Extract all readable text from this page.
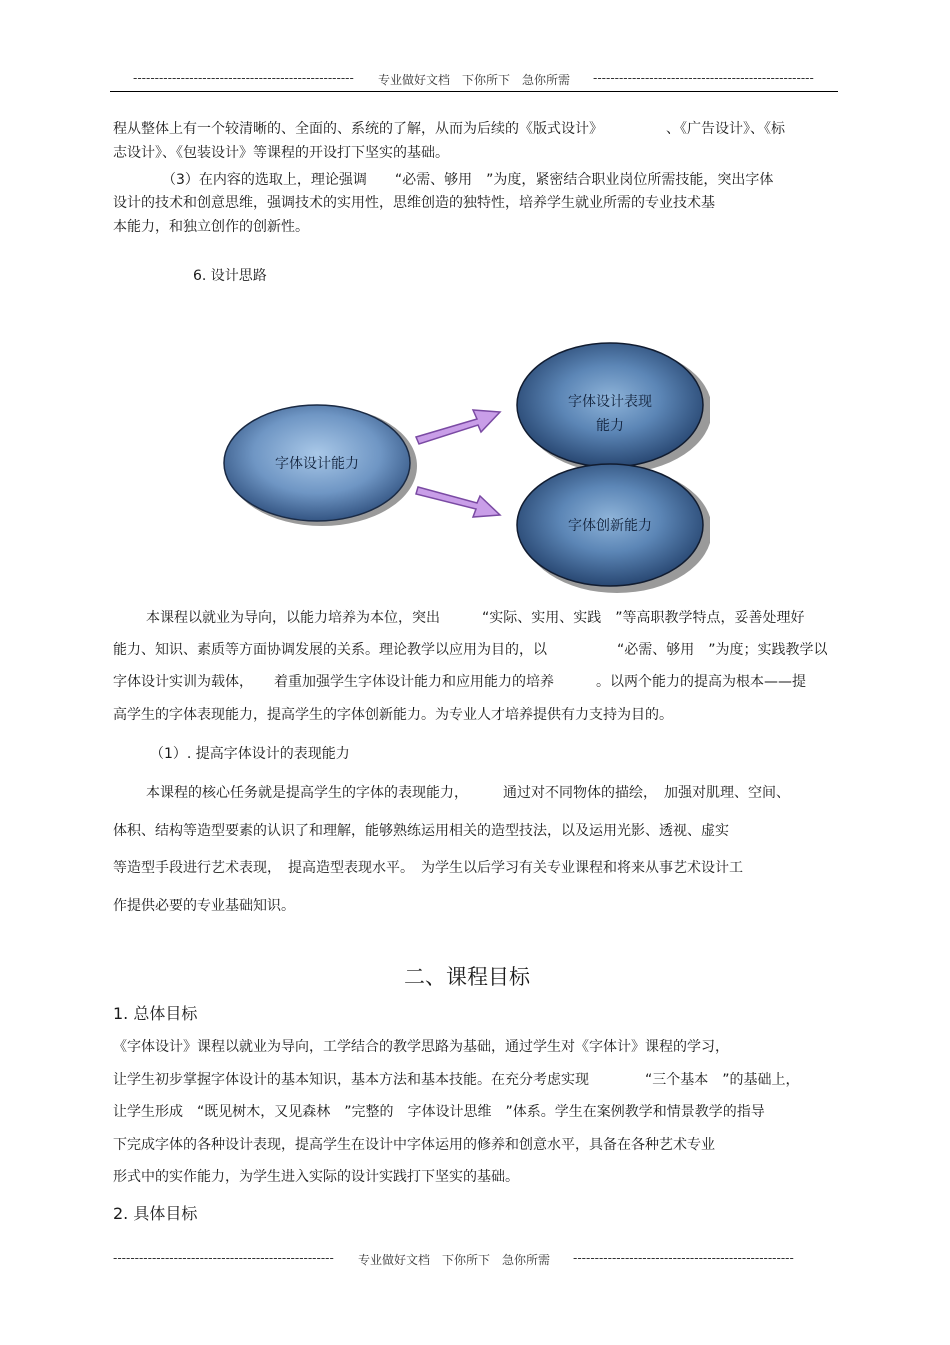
--------------------------------------------------- 专业做好文档　下你所下　急你所需 ---------------------------------------------------
程从整体上有一个较清晰的、全面的、系统的了解，从而为后续的《版式设计》　　　　　、《广告设计》、《标
志设计》、《包装设计》等课程的开设打下坚实的基础。
（3）在内容的选取上，理论强调　　“必需、够用　”为度，紧密结合职业岗位所需技能，突出字体
设计的技术和创意思维，强调技术的实用性，思维创造的独特性，培养学生就业所需的专业技术基
本能力，和独立创作的创新性。
6. 设计思路
字体设计能力
字体设计表现
能力
字体创新能力
本课程以就业为导向，以能力培养为本位，突出　　　“实际、实用、实践　”等高职教学特点，妥善处理好
能力、知识、素质等方面协调发展的关系。理论教学以应用为目的，以　　　　　“必需、够用　”为度；实践教学以
字体设计实训为载体，　　着重加强学生字体设计能力和应用能力的培养　　　。以两个能力的提高为根本——提
高学生的字体表现能力，提高学生的字体创新能力。为专业人才培养提供有力支持为目的。
（1）. 提高字体设计的表现能力
本课程的核心任务就是提高学生的字体的表现能力，　　　通过对不同物体的描绘，　加强对肌理、空间、
体积、结构等造型要素的认识了和理解，能够熟练运用相关的造型技法，以及运用光影、透视、虚实
等造型手段进行艺术表现，　提高造型表现水平。　为学生以后学习有关专业课程和将来从事艺术设计工
作提供必要的专业基础知识。
二、课程目标
1. 总体目标
《字体设计》课程以就业为导向，工学结合的教学思路为基础，通过学生对《字体计》课程的学习，
让学生初步掌握字体设计的基本知识，基本方法和基本技能。在充分考虑实现　　　　“三个基本　”的基础上，
让学生形成　“既见树木，又见森林　”完整的　字体设计思维　”体系。学生在案例教学和情景教学的指导
下完成字体的各种设计表现，提高学生在设计中字体运用的修养和创意水平，具备在各种艺术专业
形式中的实作能力，为学生进入实际的设计实践打下坚实的基础。
2. 具体目标
--------------------------------------------------- 专业做好文档　下你所下　急你所需 ---------------------------------------------------
